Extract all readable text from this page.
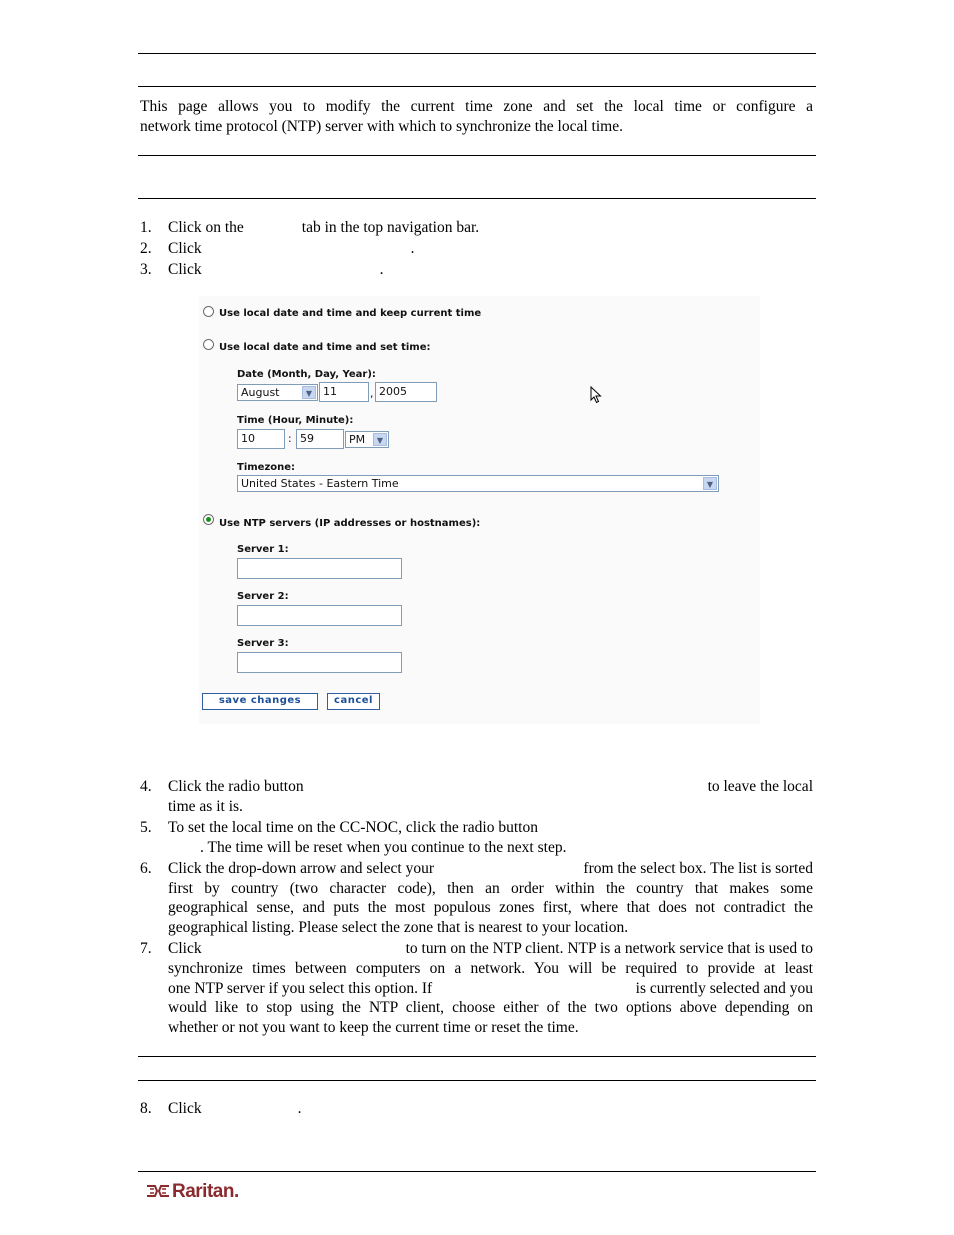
This page allows you to modify the current time zone and set the local time or configure a
network time protocol (NTP) server with which to synchronize the local time.
1. Click on the	tab in the top navigation bar.
2. Click	.
3. Click	.
Use local date and time and keep current time
Use local date and time and set time:
Date (Month, Day, Year):
August	▼ 11	, 2005
Time (Hour, Minute):
10	: 59	PM	▼
Timezone:
United States - Eastern Time	▼
Use NTP servers (IP addresses or hostnames):
Server 1:
Server 2:
Server 3:
save changes	cancel
4. Click the radio button	to leave the local
time as it is.
5. To set the local time on the CC-NOC, click the radio button
. The time will be reset when you continue to the next step.
6. Click the drop-down arrow and select your	from the select box. The list is sorted
first by country (two character code), then an order within the country that makes some
geographical sense, and puts the most populous zones first, where that does not contradict the
geographical listing. Please select the zone that is nearest to your location.
7. Click	to turn on the NTP client. NTP is a network service that is used to
synchronize times between computers on a network. You will be required to provide at least
one NTP server if you select this option. If	is currently selected and you
would like to stop using the NTP client, choose either of the two options above depending on
whether or not you want to keep the current time or reset the time.
8. Click	.
Raritan.
